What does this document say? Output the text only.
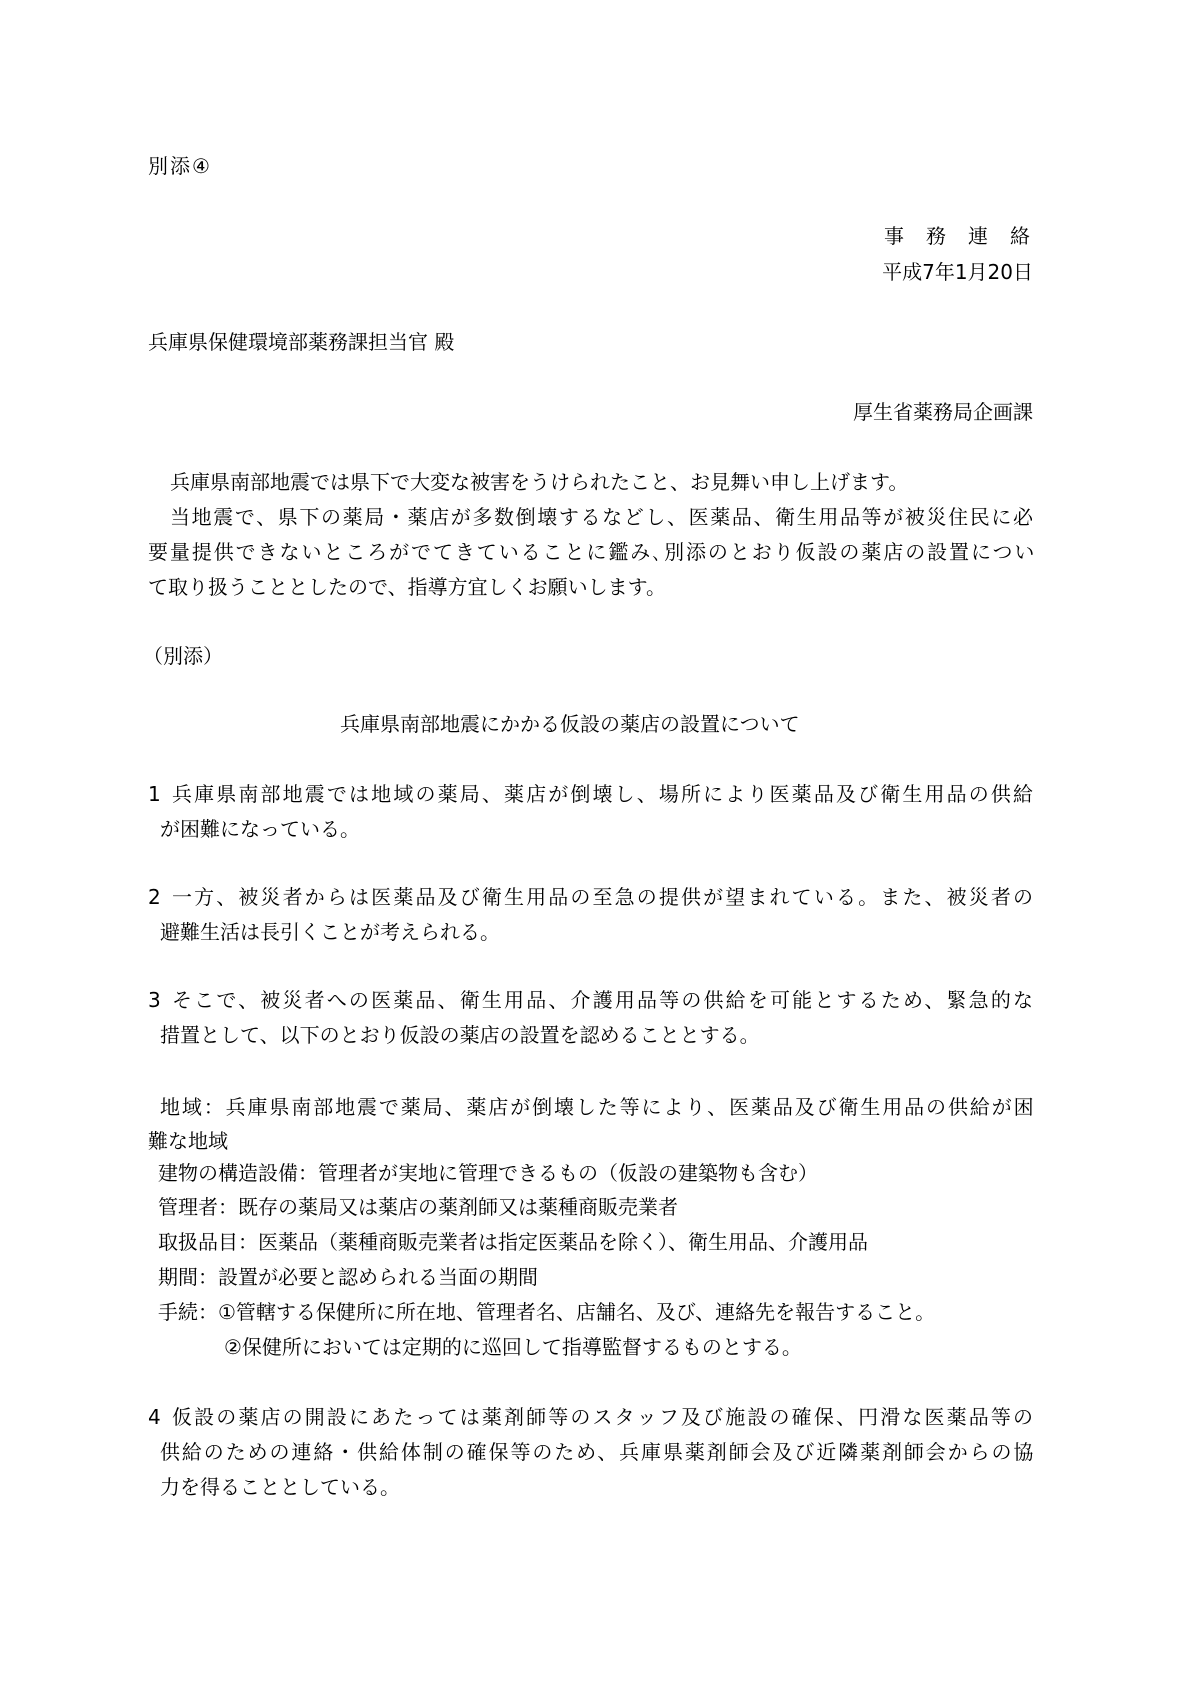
別添④
事務連絡
平成7年1月20日
兵庫県保健環境部薬務課担当官 殿
厚生省薬務局企画課
兵庫県南部地震では県下で大変な被害をうけられたこと、お見舞い申し上げます。
当地震で、県下の薬局・薬店が多数倒壊するなどし、医薬品、衛生用品等が被災住民に必
要量提供できないところがでてきていることに鑑み､別添のとおり仮設の薬店の設置につい
て取り扱うこととしたので、指導方宜しくお願いします。
（別添）
兵庫県南部地震にかかる仮設の薬店の設置について
1 兵庫県南部地震では地域の薬局、薬店が倒壊し、場所により医薬品及び衛生用品の供給
が困難になっている。
2 一方、被災者からは医薬品及び衛生用品の至急の提供が望まれている。また、被災者の
避難生活は長引くことが考えられる。
3 そこで、被災者への医薬品、衛生用品、介護用品等の供給を可能とするため、緊急的な
措置として、以下のとおり仮設の薬店の設置を認めることとする。
地域：兵庫県南部地震で薬局、薬店が倒壊した等により、医薬品及び衛生用品の供給が困
難な地域
建物の構造設備：管理者が実地に管理できるもの（仮設の建築物も含む）
管理者：既存の薬局又は薬店の薬剤師又は薬種商販売業者
取扱品目：医薬品（薬種商販売業者は指定医薬品を除く）、衛生用品、介護用品
期間：設置が必要と認められる当面の期間
手続：①管轄する保健所に所在地、管理者名、店舗名、及び、連絡先を報告すること。
②保健所においては定期的に巡回して指導監督するものとする。
4 仮設の薬店の開設にあたっては薬剤師等のスタッフ及び施設の確保、円滑な医薬品等の
供給のための連絡・供給体制の確保等のため、兵庫県薬剤師会及び近隣薬剤師会からの協
力を得ることとしている。
